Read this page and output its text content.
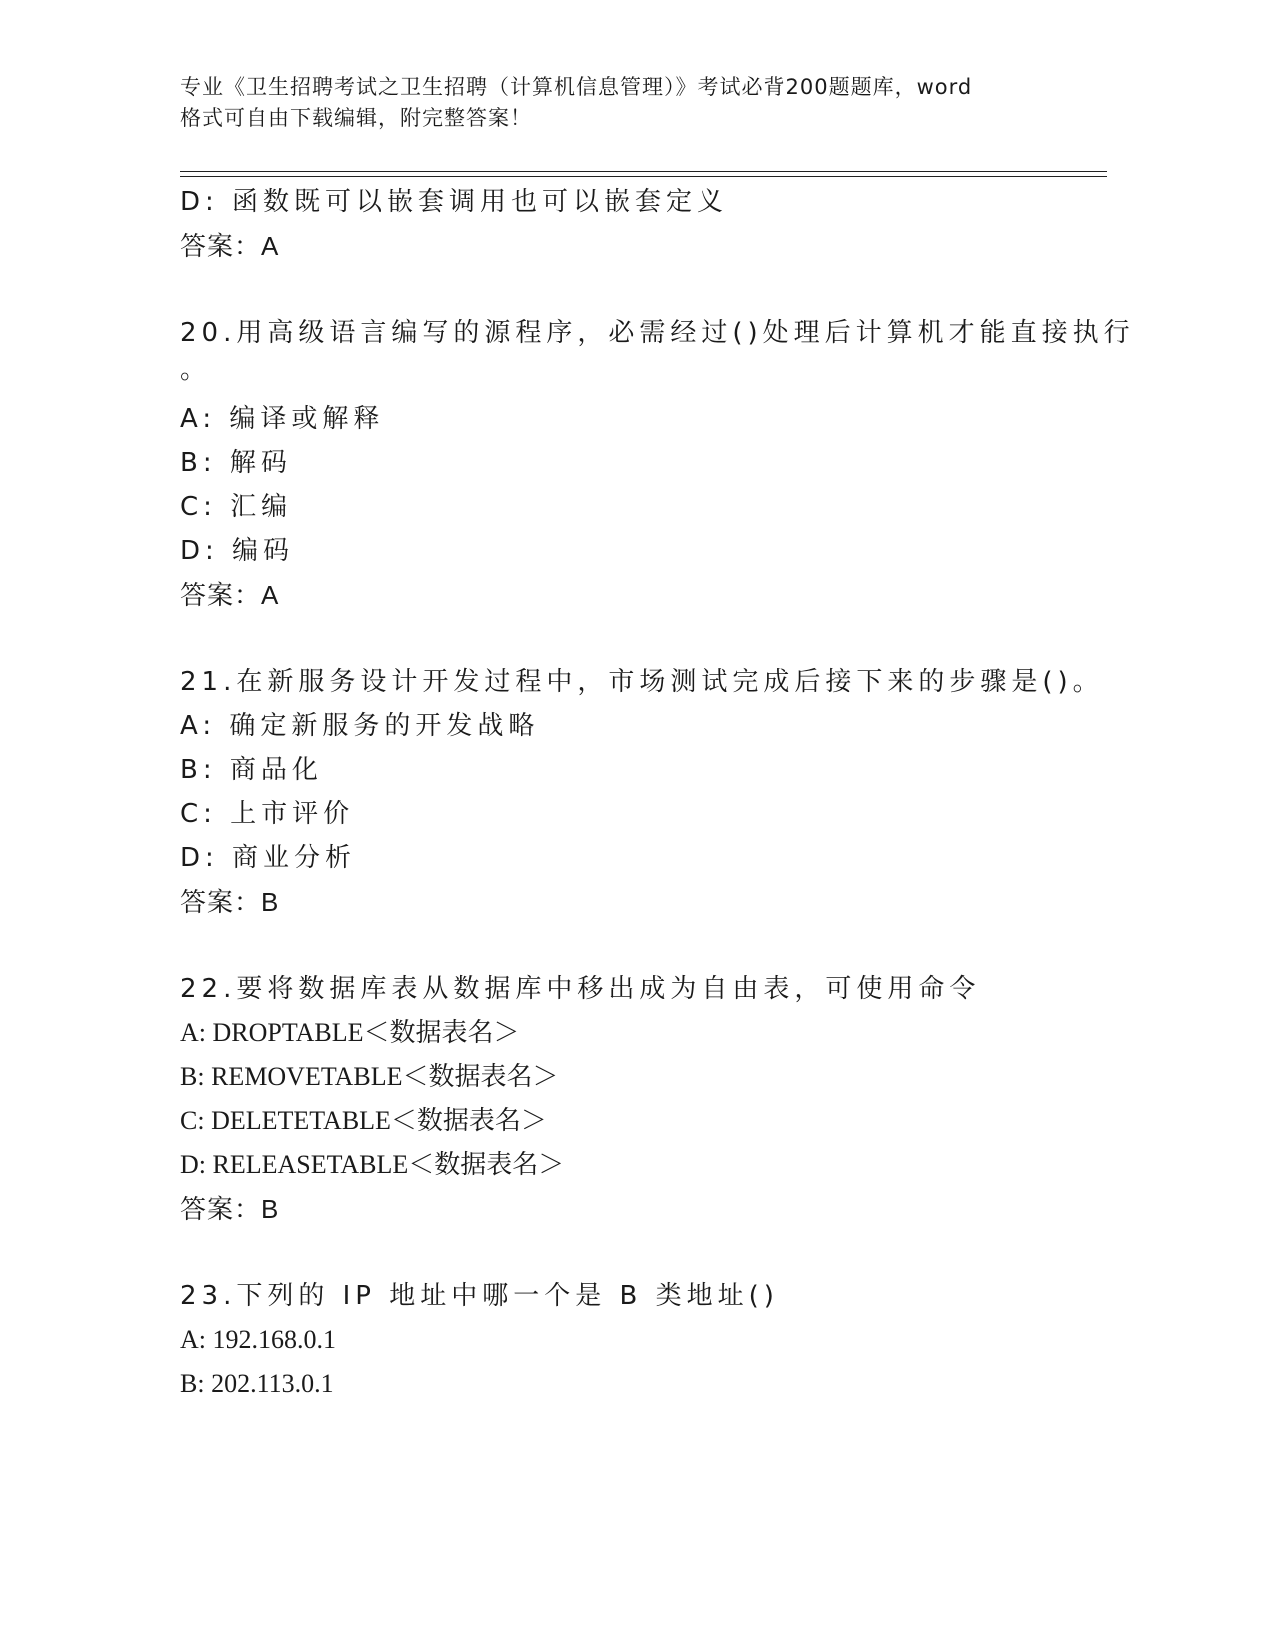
专业《卫生招聘考试之卫生招聘（计算机信息管理）》考试必背200题题库，word
格式可自由下载编辑，附完整答案！
D: 函数既可以嵌套调用也可以嵌套定义
答案：A
20.用高级语言编写的源程序，必需经过()处理后计算机才能直接执行
。
A: 编译或解释
B: 解码
C: 汇编
D: 编码
答案：A
21.在新服务设计开发过程中，市场测试完成后接下来的步骤是()。
A: 确定新服务的开发战略
B: 商品化
C: 上市评价
D: 商业分析
答案：B
22.要将数据库表从数据库中移出成为自由表，可使用命令
A: DROPTABLE＜数据表名＞
B: REMOVETABLE＜数据表名＞
C: DELETETABLE＜数据表名＞
D: RELEASETABLE＜数据表名＞
答案：B
23.下列的 IP 地址中哪一个是 B 类地址()
A: 192.168.0.1
B: 202.113.0.1
